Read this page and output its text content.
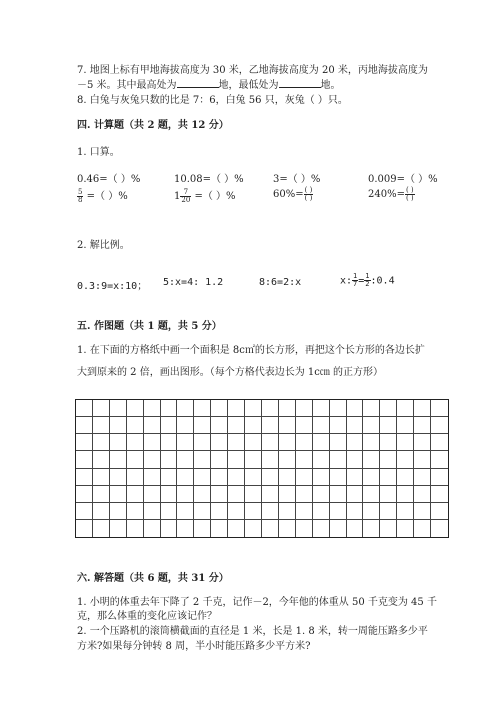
7. 地图上标有甲地海拔高度为 30 米，乙地海拔高度为 20 米，丙地海拔高度为
－5 米。其中最高处为	地，最低处为	地。
8. 白兔与灰兔只数的比是 7：6，白兔 56 只，灰兔（ ）只。
四. 计算题（共 2 题，共 12 分）
1. 口算。
0.46=（ ）%	10.08=（ ）%	3=（ ）%	0.009=（ ）%
$\frac{5}{8}$ =（ ）%	$1 \frac{7}{20}$ =（ ）%	$60\%= \frac{( )}{( )}$	$240\%= \frac{( )}{( )}$
2. 解比例。
0.3:9=x:10； 5:x=4: 1.2	8:6=2:x	x: $\frac{1}{7} = \frac{1}{2}$ :0.4
五. 作图题（共 1 题，共 5 分）
1. 在下面的方格纸中画一个面积是 8c㎡的长方形，再把这个长方形的各边长扩
大到原来的 2 倍，画出图形。（每个方格代表边长为 1c㎝ 的正方形）
六. 解答题（共 6 题，共 31 分）
1. 小明的体重去年下降了 2 千克，记作－2，今年他的体重从 50 千克变为 45 千
克，那么体重的变化应该记作？
2. 一个压路机的滚筒横截面的直径是 1 米，长是 1. 8 米，转一周能压路多少平
方米?如果每分钟转 8 周，半小时能压路多少平方米?
